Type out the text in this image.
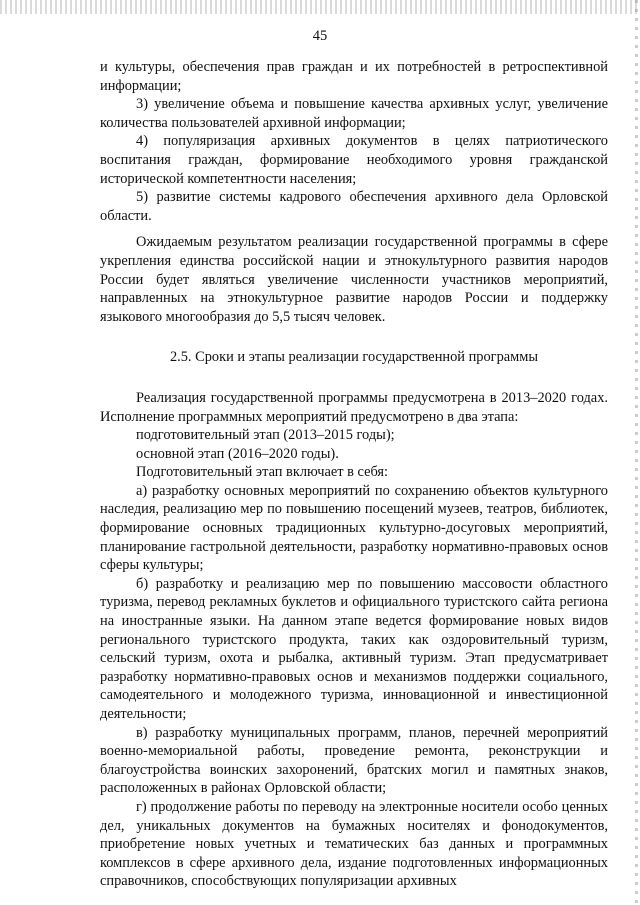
45

и культуры, обеспечения прав граждан и их потребностей в ретроспективной информации;

3) увеличение объема и повышение качества архивных услуг, увеличение количества пользователей архивной информации;

4) популяризация архивных документов в целях патриотического воспитания граждан, формирование необходимого уровня гражданской исторической компетентности населения;

5) развитие системы кадрового обеспечения архивного дела Орловской области.

Ожидаемым результатом реализации государственной программы в сфере укрепления единства российской нации и этнокультурного развития народов России будет являться увеличение численности участников мероприятий, направленных на этнокультурное развитие народов России и поддержку языкового многообразия до 5,5 тысяч человек.

2.5. Сроки и этапы реализации государственной программы

Реализация государственной программы предусмотрена в 2013–2020 годах. Исполнение программных мероприятий предусмотрено в два этапа:

подготовительный этап (2013–2015 годы);

основной этап (2016–2020 годы).

Подготовительный этап включает в себя:

а) разработку основных мероприятий по сохранению объектов культурного наследия, реализацию мер по повышению посещений музеев, театров, библиотек, формирование основных традиционных культурно-досуговых мероприятий, планирование гастрольной деятельности, разработку нормативно-правовых основ сферы культуры;

б) разработку и реализацию мер по повышению массовости областного туризма, перевод рекламных буклетов и официального туристского сайта региона на иностранные языки. На данном этапе ведется формирование новых видов регионального туристского продукта, таких как оздоровительный туризм, сельский туризм, охота и рыбалка, активный туризм. Этап предусматривает разработку нормативно-правовых основ и механизмов поддержки социального, самодеятельного и молодежного туризма, инновационной и инвестиционной деятельности;

в) разработку муниципальных программ, планов, перечней мероприятий военно-мемориальной работы, проведение ремонта, реконструкции и благоустройства воинских захоронений, братских могил и памятных знаков, расположенных в районах Орловской области;

г) продолжение работы по переводу на электронные носители особо ценных дел, уникальных документов на бумажных носителях и фонодокументов, приобретение новых учетных и тематических баз данных и программных комплексов в сфере архивного дела, издание подготовленных информационных справочников, способствующих популяризации архивных
